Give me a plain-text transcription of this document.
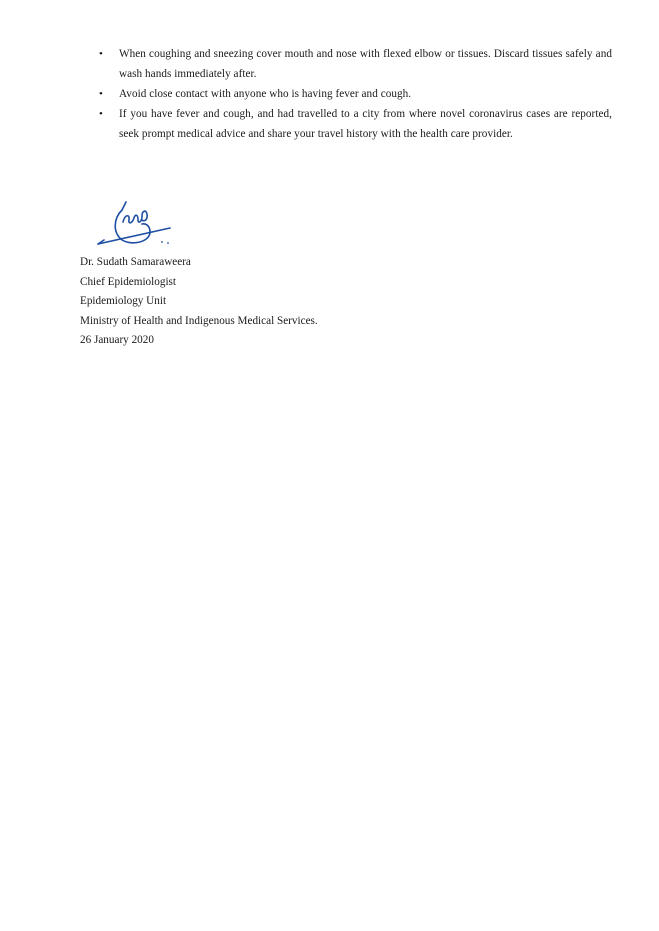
• When coughing and sneezing cover mouth and nose with flexed elbow or tissues. Discard tissues safely and wash hands immediately after.
• Avoid close contact with anyone who is having fever and cough.
• If you have fever and cough, and had travelled to a city from where novel coronavirus cases are reported, seek prompt medical advice and share your travel history with the health care provider.
Dr. Sudath Samaraweera
Chief Epidemiologist
Epidemiology Unit
Ministry of Health and Indigenous Medical Services.
26 January 2020
